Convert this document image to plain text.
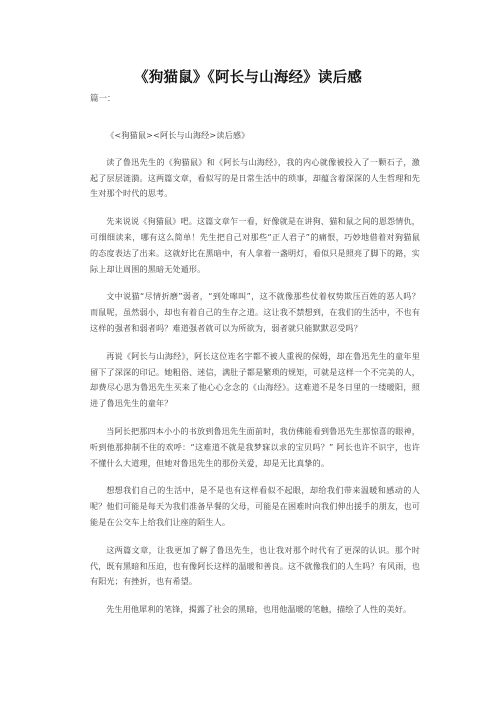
《狗猫鼠》《阿长与山海经》读后感
篇一：

《<狗猫鼠><阿长与山海经>读后感》

读了鲁迅先生的《狗猫鼠》和《阿长与山海经》，我的内心就像被投入了一颗石子，激起了层层涟漪。这两篇文章，看似写的是日常生活中的琐事，却蕴含着深深的人生哲理和先生对那个时代的思考。

先来说说《狗猫鼠》吧。这篇文章乍一看，好像就是在讲狗、猫和鼠之间的恩怨情仇，可细细读来，哪有这么简单！先生把自己对那些“正人君子”的痛恨，巧妙地借着对狗猫鼠的态度表达了出来。这就好比在黑暗中，有人拿着一盏明灯，看似只是照亮了脚下的路，实际上却让周围的黑暗无处遁形。

文中说猫“尽情折磨”弱者，“到处嗥叫”，这不就像那些仗着权势欺压百姓的恶人吗？而鼠呢，虽然弱小，却也有着自己的生存之道。这让我不禁想到，在我们的生活中，不也有这样的强者和弱者吗？难道强者就可以为所欲为，弱者就只能默默忍受吗？

再说《阿长与山海经》，阿长这位连名字都不被人重视的保姆，却在鲁迅先生的童年里留下了深深的印记。她粗俗、迷信，满肚子都是繁琐的规矩，可就是这样一个不完美的人，却费尽心思为鲁迅先生买来了他心心念念的《山海经》。这难道不是冬日里的一缕暖阳，照进了鲁迅先生的童年？

当阿长把那四本小小的书放到鲁迅先生面前时，我仿佛能看到鲁迅先生那惊喜的眼神，听到他那抑制不住的欢呼：“这难道不就是我梦寐以求的宝贝吗？” 阿长也许不识字，也许不懂什么大道理，但她对鲁迅先生的那份关爱，却是无比真挚的。

想想我们自己的生活中，是不是也有这样看似不起眼，却给我们带来温暖和感动的人呢？他们可能是每天为我们准备早餐的父母，可能是在困难时向我们伸出援手的朋友，也可能是在公交车上给我们让座的陌生人。

这两篇文章，让我更加了解了鲁迅先生，也让我对那个时代有了更深的认识。那个时代，既有黑暗和压迫，也有像阿长这样的温暖和善良。这不就像我们的人生吗？有风雨，也有阳光；有挫折，也有希望。

先生用他犀利的笔锋，揭露了社会的黑暗，也用他温暖的笔触，描绘了人性的美好。
